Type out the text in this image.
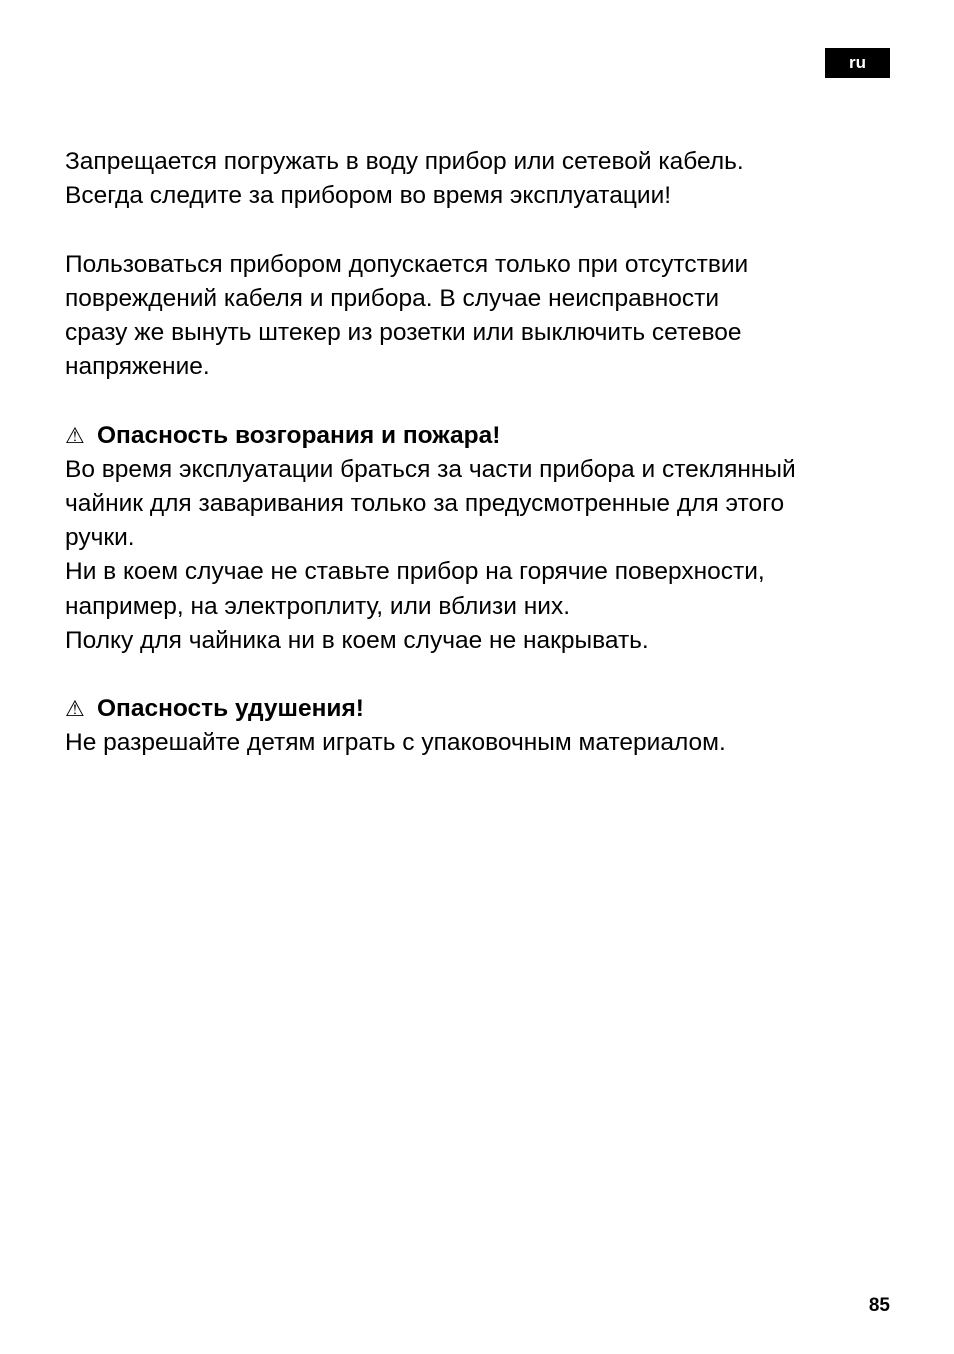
ru
Запрещается погружать в воду прибор или сетевой кабель.
Всегда следите за прибором во время эксплуатации!
Пользоваться прибором допускается только при отсутствии
повреждений кабеля и прибора. В случае неисправности
сразу же вынуть штекер из розетки или выключить сетевое
напряжение.
⚠ Опасность возгорания и пожара!
Во время эксплуатации браться за части прибора и стеклянный
чайник для заваривания только за предусмотренные для этого
ручки.
Ни в коем случае не ставьте прибор на горячие поверхности,
например, на электроплиту, или вблизи них.
Полку для чайника ни в коем случае не накрывать.
⚠ Опасность удушения!
Не разрешайте детям играть с упаковочным материалом.
85
